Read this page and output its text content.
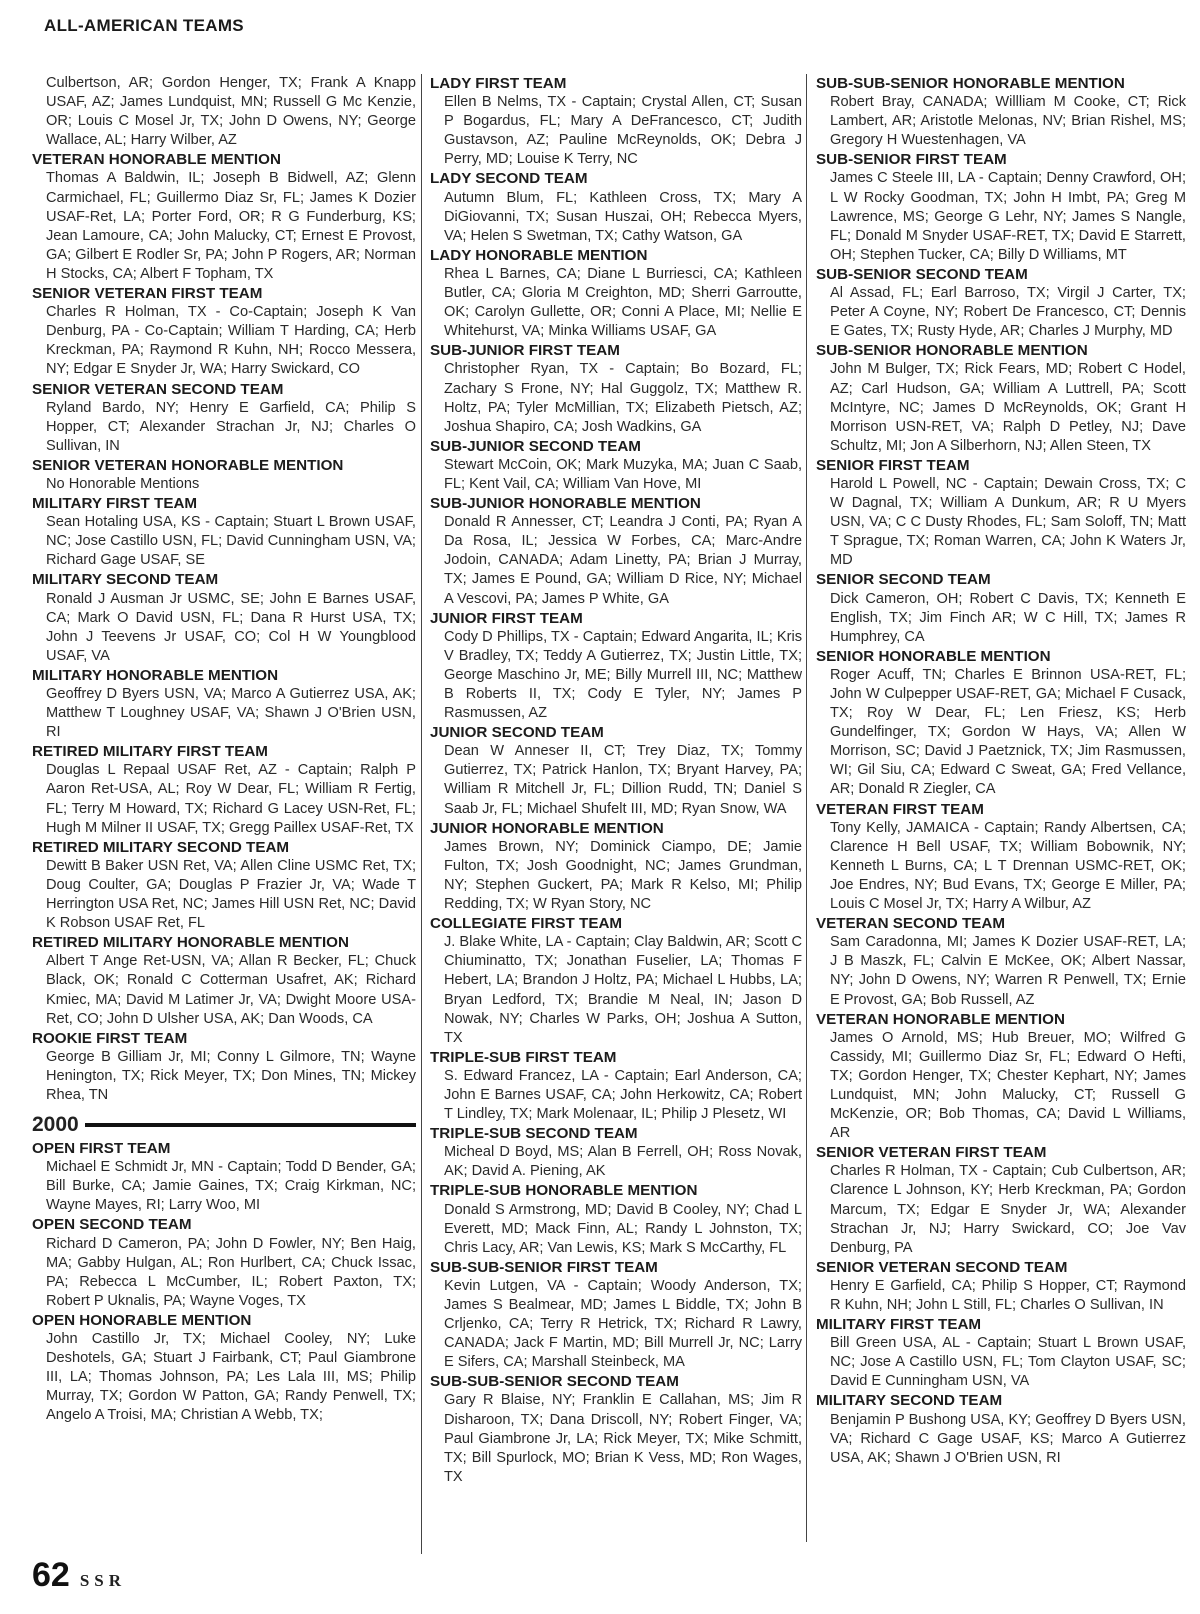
ALL-AMERICAN TEAMS
Culbertson, AR; Gordon Henger, TX; Frank A Knapp USAF, AZ; James Lundquist, MN; Russell G Mc Kenzie, OR; Louis C Mosel Jr, TX; John D Owens, NY; George Wallace, AL; Harry Wilber, AZ
VETERAN HONORABLE MENTION
Thomas A Baldwin, IL; Joseph B Bidwell, AZ; Glenn Carmichael, FL; Guillermo Diaz Sr, FL; James K Dozier USAF-Ret, LA; Porter Ford, OR; R G Funderburg, KS; Jean Lamoure, CA; John Malucky, CT; Ernest E Provost, GA; Gilbert E Rodler Sr, PA; John P Rogers, AR; Norman H Stocks, CA; Albert F Topham, TX
SENIOR VETERAN FIRST TEAM
Charles R Holman, TX - Co-Captain; Joseph K Van Denburg, PA - Co-Captain; William T Harding, CA; Herb Kreckman, PA; Raymond R Kuhn, NH; Rocco Messera, NY; Edgar E Snyder Jr, WA; Harry Swickard, CO
SENIOR VETERAN SECOND TEAM
Ryland Bardo, NY; Henry E Garfield, CA; Philip S Hopper, CT; Alexander Strachan Jr, NJ; Charles O Sullivan, IN
SENIOR VETERAN HONORABLE MENTION
No Honorable Mentions
MILITARY FIRST TEAM
Sean Hotaling USA, KS - Captain; Stuart L Brown USAF, NC; Jose Castillo USN, FL; David Cunningham USN, VA; Richard Gage USAF, SE
MILITARY SECOND TEAM
Ronald J Ausman Jr USMC, SE; John E Barnes USAF, CA; Mark O David USN, FL; Dana R Hurst USA, TX; John J Teevens Jr USAF, CO; Col H W Youngblood USAF, VA
MILITARY HONORABLE MENTION
Geoffrey D Byers USN, VA; Marco A Gutierrez USA, AK; Matthew T Loughney USAF, VA; Shawn J O'Brien USN, RI
RETIRED MILITARY FIRST TEAM
Douglas L Repaal USAF Ret, AZ - Captain; Ralph P Aaron Ret-USA, AL; Roy W Dear, FL; William R Fertig, FL; Terry M Howard, TX; Richard G Lacey USN-Ret, FL; Hugh M Milner II USAF, TX; Gregg Paillex USAF-Ret, TX
RETIRED MILITARY SECOND TEAM
Dewitt B Baker USN Ret, VA; Allen Cline USMC Ret, TX; Doug Coulter, GA; Douglas P Frazier Jr, VA; Wade T Herrington USA Ret, NC; James Hill USN Ret, NC; David K Robson USAF Ret, FL
RETIRED MILITARY HONORABLE MENTION
Albert T Ange Ret-USN, VA; Allan R Becker, FL; Chuck Black, OK; Ronald C Cotterman Usafret, AK; Richard Kmiec, MA; David M Latimer Jr, VA; Dwight Moore USA-Ret, CO; John D Ulsher USA, AK; Dan Woods, CA
ROOKIE FIRST TEAM
George B Gilliam Jr, MI; Conny L Gilmore, TN; Wayne Henington, TX; Rick Meyer, TX; Don Mines, TN; Mickey Rhea, TN
2000
OPEN FIRST TEAM
Michael E Schmidt Jr, MN - Captain; Todd D Bender, GA; Bill Burke, CA; Jamie Gaines, TX; Craig Kirkman, NC; Wayne Mayes, RI; Larry Woo, MI
OPEN SECOND TEAM
Richard D Cameron, PA; John D Fowler, NY; Ben Haig, MA; Gabby Hulgan, AL; Ron Hurlbert, CA; Chuck Issac, PA; Rebecca L McCumber, IL; Robert Paxton, TX; Robert P Uknalis, PA; Wayne Voges, TX
OPEN HONORABLE MENTION
John Castillo Jr, TX; Michael Cooley, NY; Luke Deshotels, GA; Stuart J Fairbank, CT; Paul Giambrone III, LA; Thomas Johnson, PA; Les Lala III, MS; Philip Murray, TX; Gordon W Patton, GA; Randy Penwell, TX; Angelo A Troisi, MA; Christian A Webb, TX;
LADY FIRST TEAM
Ellen B Nelms, TX - Captain; Crystal Allen, CT; Susan P Bogardus, FL; Mary A DeFrancesco, CT; Judith Gustavson, AZ; Pauline McReynolds, OK; Debra J Perry, MD; Louise K Terry, NC
LADY SECOND TEAM
Autumn Blum, FL; Kathleen Cross, TX; Mary A DiGiovanni, TX; Susan Huszai, OH; Rebecca Myers, VA; Helen S Swetman, TX; Cathy Watson, GA
LADY HONORABLE MENTION
Rhea L Barnes, CA; Diane L Burriesci, CA; Kathleen Butler, CA; Gloria M Creighton, MD; Sherri Garroutte, OK; Carolyn Gullette, OR; Conni A Place, MI; Nellie E Whitehurst, VA; Minka Williams USAF, GA
SUB-JUNIOR FIRST TEAM
Christopher Ryan, TX - Captain; Bo Bozard, FL; Zachary S Frone, NY; Hal Guggolz, TX; Matthew R. Holtz, PA; Tyler McMillian, TX; Elizabeth Pietsch, AZ; Joshua Shapiro, CA; Josh Wadkins, GA
SUB-JUNIOR SECOND TEAM
Stewart McCoin, OK; Mark Muzyka, MA; Juan C Saab, FL; Kent Vail, CA; William Van Hove, MI
SUB-JUNIOR HONORABLE MENTION
Donald R Annesser, CT; Leandra J Conti, PA; Ryan A Da Rosa, IL; Jessica W Forbes, CA; Marc-Andre Jodoin, CANADA; Adam Linetty, PA; Brian J Murray, TX; James E Pound, GA; William D Rice, NY; Michael A Vescovi, PA; James P White, GA
JUNIOR FIRST TEAM
Cody D Phillips, TX - Captain; Edward Angarita, IL; Kris V Bradley, TX; Teddy A Gutierrez, TX; Justin Little, TX; George Maschino Jr, ME; Billy Murrell III, NC; Matthew B Roberts II, TX; Cody E Tyler, NY; James P Rasmussen, AZ
JUNIOR SECOND TEAM
Dean W Anneser II, CT; Trey Diaz, TX; Tommy Gutierrez, TX; Patrick Hanlon, TX; Bryant Harvey, PA; William R Mitchell Jr, FL; Dillion Rudd, TN; Daniel S Saab Jr, FL; Michael Shufelt III, MD; Ryan Snow, WA
JUNIOR HONORABLE MENTION
James Brown, NY; Dominick Ciampo, DE; Jamie Fulton, TX; Josh Goodnight, NC; James Grundman, NY; Stephen Guckert, PA; Mark R Kelso, MI; Philip Redding, TX; W Ryan Story, NC
COLLEGIATE FIRST TEAM
J. Blake White, LA - Captain; Clay Baldwin, AR; Scott C Chiuminatto, TX; Jonathan Fuselier, LA; Thomas F Hebert, LA; Brandon J Holtz, PA; Michael L Hubbs, LA; Bryan Ledford, TX; Brandie M Neal, IN; Jason D Nowak, NY; Charles W Parks, OH; Joshua A Sutton, TX
TRIPLE-SUB FIRST TEAM
S. Edward Francez, LA - Captain; Earl Anderson, CA; John E Barnes USAF, CA; John Herkowitz, CA; Robert T Lindley, TX; Mark Molenaar, IL; Philip J Plesetz, WI
TRIPLE-SUB SECOND TEAM
Micheal D Boyd, MS; Alan B Ferrell, OH; Ross Novak, AK; David A. Piening, AK
TRIPLE-SUB HONORABLE MENTION
Donald S Armstrong, MD; David B Cooley, NY; Chad L Everett, MD; Mack Finn, AL; Randy L Johnston, TX; Chris Lacy, AR; Van Lewis, KS; Mark S McCarthy, FL
SUB-SUB-SENIOR FIRST TEAM
Kevin Lutgen, VA - Captain; Woody Anderson, TX; James S Bealmear, MD; James L Biddle, TX; John B Crljenko, CA; Terry R Hetrick, TX; Richard R Lawry, CANADA; Jack F Martin, MD; Bill Murrell Jr, NC; Larry E Sifers, CA; Marshall Steinbeck, MA
SUB-SUB-SENIOR SECOND TEAM
Gary R Blaise, NY; Franklin E Callahan, MS; Jim R Disharoon, TX; Dana Driscoll, NY; Robert Finger, VA; Paul Giambrone Jr, LA; Rick Meyer, TX; Mike Schmitt, TX; Bill Spurlock, MO; Brian K Vess, MD; Ron Wages, TX
SUB-SUB-SENIOR HONORABLE MENTION
Robert Bray, CANADA; Willliam M Cooke, CT; Rick Lambert, AR; Aristotle Melonas, NV; Brian Rishel, MS; Gregory H Wuestenhagen, VA
SUB-SENIOR FIRST TEAM
James C Steele III, LA - Captain; Denny Crawford, OH; L W Rocky Goodman, TX; John H Imbt, PA; Greg M Lawrence, MS; George G Lehr, NY; James S Nangle, FL; Donald M Snyder USAF-RET, TX; David E Starrett, OH; Stephen Tucker, CA; Billy D Williams, MT
SUB-SENIOR SECOND TEAM
Al Assad, FL; Earl Barroso, TX; Virgil J Carter, TX; Peter A Coyne, NY; Robert De Francesco, CT; Dennis E Gates, TX; Rusty Hyde, AR; Charles J Murphy, MD
SUB-SENIOR HONORABLE MENTION
John M Bulger, TX; Rick Fears, MD; Robert C Hodel, AZ; Carl Hudson, GA; William A Luttrell, PA; Scott McIntyre, NC; James D McReynolds, OK; Grant H Morrison USN-RET, VA; Ralph D Petley, NJ; Dave Schultz, MI; Jon A Silberhorn, NJ; Allen Steen, TX
SENIOR FIRST TEAM
Harold L Powell, NC - Captain; Dewain Cross, TX; C W Dagnal, TX; William A Dunkum, AR; R U Myers USN, VA; C C Dusty Rhodes, FL; Sam Soloff, TN; Matt T Sprague, TX; Roman Warren, CA; John K Waters Jr, MD
SENIOR SECOND TEAM
Dick Cameron, OH; Robert C Davis, TX; Kenneth E English, TX; Jim Finch AR; W C Hill, TX; James R Humphrey, CA
SENIOR HONORABLE MENTION
Roger Acuff, TN; Charles E Brinnon USA-RET, FL; John W Culpepper USAF-RET, GA; Michael F Cusack, TX; Roy W Dear, FL; Len Friesz, KS; Herb Gundelfinger, TX; Gordon W Hays, VA; Allen W Morrison, SC; David J Paetznick, TX; Jim Rasmussen, WI; Gil Siu, CA; Edward C Sweat, GA; Fred Vellance, AR; Donald R Ziegler, CA
VETERAN FIRST TEAM
Tony Kelly, JAMAICA - Captain; Randy Albertsen, CA; Clarence H Bell USAF, TX; William Bobownik, NY; Kenneth L Burns, CA; L T Drennan USMC-RET, OK; Joe Endres, NY; Bud Evans, TX; George E Miller, PA; Louis C Mosel Jr, TX; Harry A Wilbur, AZ
VETERAN SECOND TEAM
Sam Caradonna, MI; James K Dozier USAF-RET, LA; J B Maszk, FL; Calvin E McKee, OK; Albert Nassar, NY; John D Owens, NY; Warren R Penwell, TX; Ernie E Provost, GA; Bob Russell, AZ
VETERAN HONORABLE MENTION
James O Arnold, MS; Hub Breuer, MO; Wilfred G Cassidy, MI; Guillermo Diaz Sr, FL; Edward O Hefti, TX; Gordon Henger, TX; Chester Kephart, NY; James Lundquist, MN; John Malucky, CT; Russell G McKenzie, OR; Bob Thomas, CA; David L Williams, AR
SENIOR VETERAN FIRST TEAM
Charles R Holman, TX - Captain; Cub Culbertson, AR; Clarence L Johnson, KY; Herb Kreckman, PA; Gordon Marcum, TX; Edgar E Snyder Jr, WA; Alexander Strachan Jr, NJ; Harry Swickard, CO; Joe Vav Denburg, PA
SENIOR VETERAN SECOND TEAM
Henry E Garfield, CA; Philip S Hopper, CT; Raymond R Kuhn, NH; John L Still, FL; Charles O Sullivan, IN
MILITARY FIRST TEAM
Bill Green USA, AL - Captain; Stuart L Brown USAF, NC; Jose A Castillo USN, FL; Tom Clayton USAF, SC; David E Cunningham USN, VA
MILITARY SECOND TEAM
Benjamin P Bushong USA, KY; Geoffrey D Byers USN, VA; Richard C Gage USAF, KS; Marco A Gutierrez USA, AK; Shawn J O'Brien USN, RI
62 SSR
